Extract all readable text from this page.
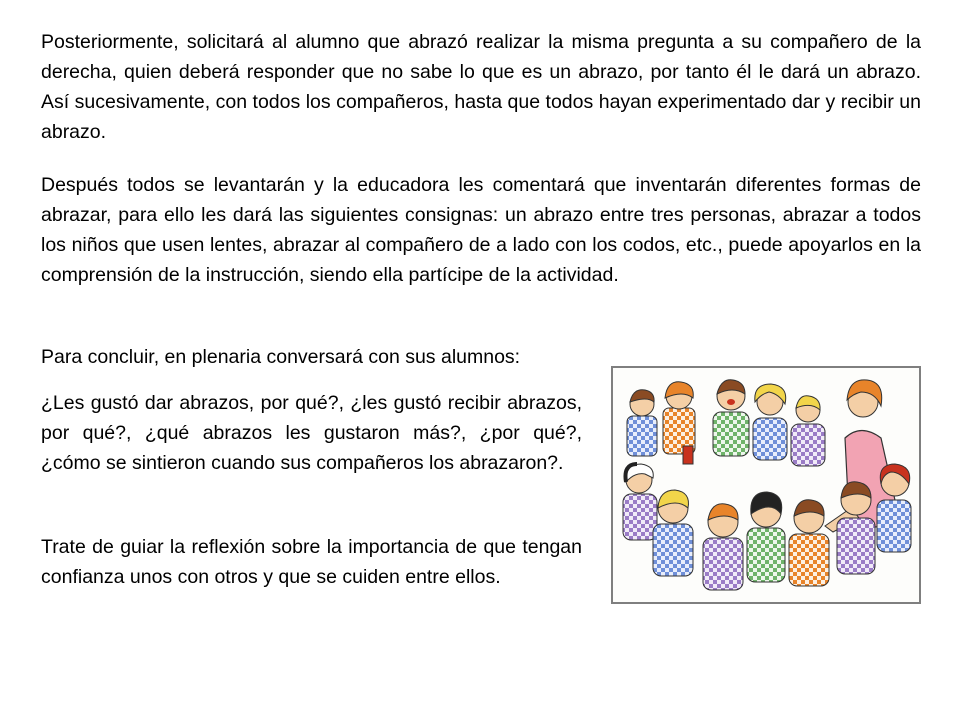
Posteriormente, solicitará al alumno que abrazó realizar la misma pregunta a su compañero de la derecha, quien deberá responder que no sabe lo que es un abrazo, por tanto él le dará un abrazo. Así sucesivamente, con todos los compañeros, hasta que todos hayan experimentado dar y recibir un abrazo.

Después todos se levantarán y la educadora les comentará que inventarán diferentes formas de abrazar, para ello les dará las siguientes consignas: un abrazo entre tres personas, abrazar a todos los niños que usen lentes, abrazar al compañero de a lado con los codos, etc., puede apoyarlos en la comprensión de la instrucción, siendo ella partícipe de la actividad.

Para concluir, en plenaria conversará con sus alumnos:

¿Les gustó dar abrazos, por qué?, ¿les gustó recibir abrazos, por qué?, ¿qué abrazos les gustaron más?, ¿por qué?, ¿cómo se sintieron cuando sus compañeros los abrazaron?.

Trate de guiar la reflexión sobre la importancia de que tengan confianza unos con otros y que se cuiden entre ellos.
